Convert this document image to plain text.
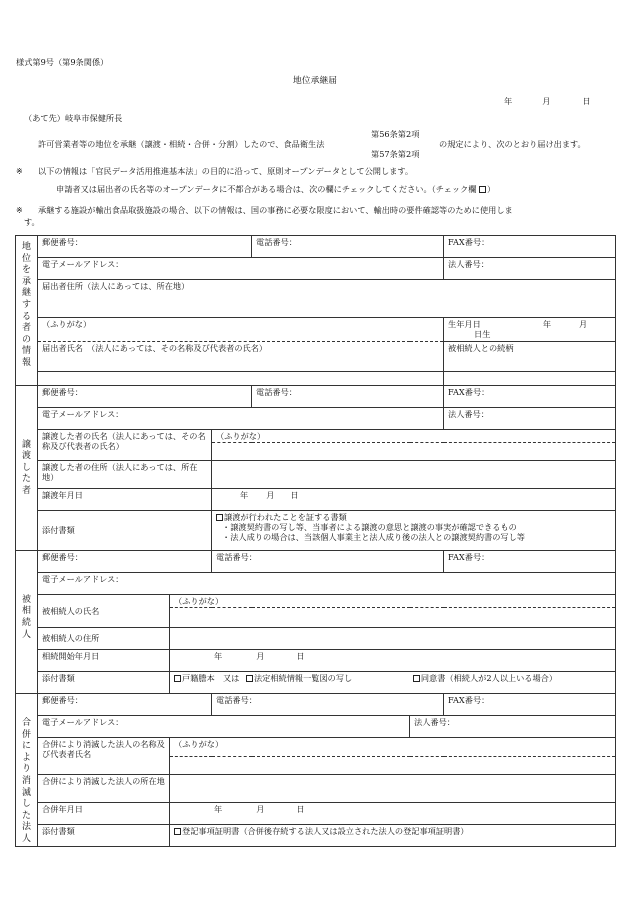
様式第9号（第9条関係）
地位承継届
年	月	日
（あて先）岐阜市保健所長
第56条第2項
許可営業者等の地位を承継（譲渡・相続・合併・分割）したので、食品衛生法	の規定により、次のとおり届け出ます。
第57条第2項
※ 以下の情報は「官民データ活用推進基本法」の目的に沿って、原則オープンデータとして公開します。
申請者又は届出者の氏名等のオープンデータに不都合がある場合は、次の欄にチェックしてください。（チェック欄 ）
※ 承継する施設が輸出食品取扱施設の場合、以下の情報は、国の事務に必要な限度において、輸出時の要件確認等のために使用しま
す。
地位を承継する者の情報	郵便番号：			電話番号：		FAX番号：
	電子メールアドレス：					法人番号：
	届出者住所（法人にあっては、所在地）					
	（ふりがな）					生年月日 年 月日生
	届出者氏名　（法人にあっては、その名称及び代表者の氏名）					被相続人との続柄

譲渡した者	郵便番号：			電話番号：		FAX番号：
	電子メールアドレス：					法人番号：
	譲渡した者の氏名（法人にあっては、その名称及び代表者の氏名）		（ふりがな）			

	譲渡した者の住所（法人にあっては、所在地）					
	譲渡年月日		年 月 日			
	添付書類		譲渡が行われたことを証する書類
・譲渡契約書の写し等、当事者による譲渡の意思と譲渡の事実が確認できるもの
・法人成りの場合は、当該個人事業主と法人成り後の法人との譲渡契約書の写し等			

被相続人	郵便番号：		電話番号：			FAX番号：
	電子メールアドレス：					
	被相続人の氏名	（ふりがな）				

	被相続人の住所					
	相続開始年月日	年 月 日				
	添付書類	戸籍謄本　又は 法定相続情報一覧図の写し 同意書（相続人が2人以上いる場合）				
合併により消滅した法人	郵便番号：		電話番号：			FAX番号：
	電子メールアドレス：				法人番号：	
	合併により消滅した法人の名称及び代表者氏名	（ふりがな）				

	合併により消滅した法人の所在地					
	合併年月日	年 月 日				
	添付書類	登記事項証明書（合併後存続する法人又は設立された法人の登記事項証明書）				
